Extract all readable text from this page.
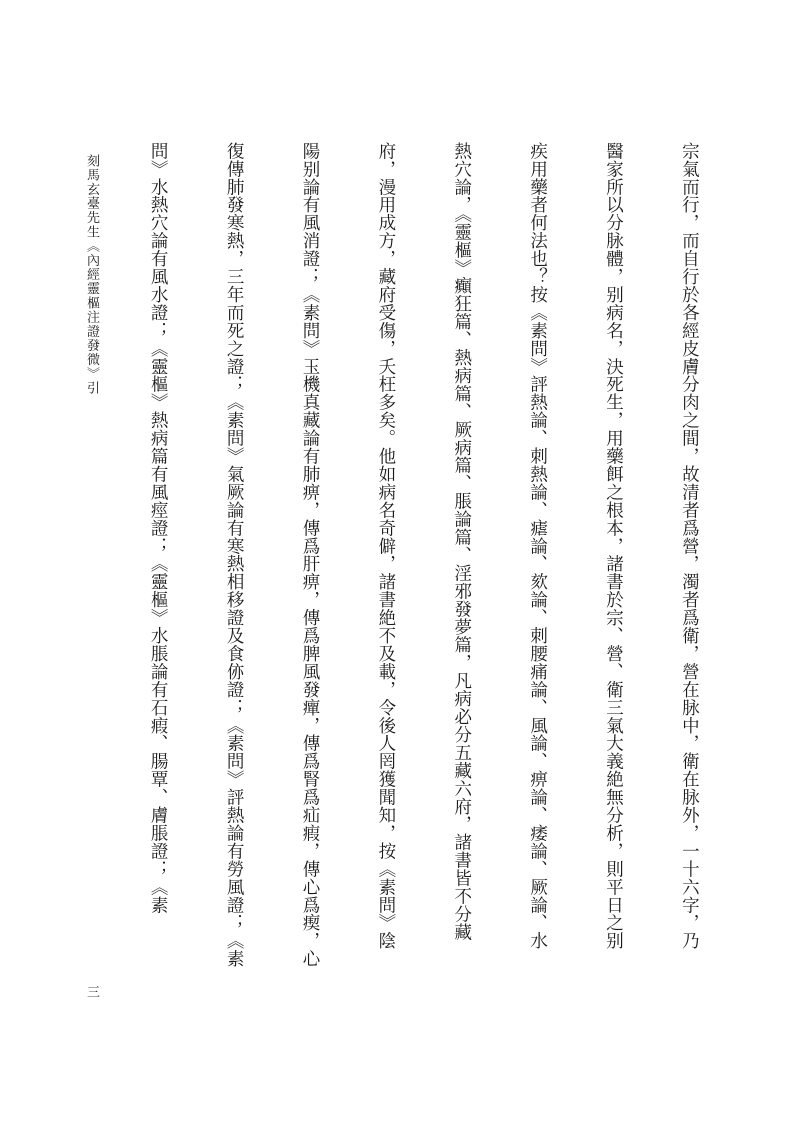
宗氣而行，而自行於各經皮膚分肉之間，故清者爲營，濁者爲衛，營在脉中，衛在脉外，一十六字，乃

醫家所以分脉體，别病名，決死生，用藥餌之根本，諸書於宗、營、衛三氣大義絶無分析，則平日之别

疾用藥者何法也？按《素問》評熱論、刺熱論、瘧論、欬論、刺腰痛論、風論、痹論、痿論、厥論、水

熱穴論，《靈樞》癲狂篇、熱病篇、厥病篇、脹論篇、淫邪發夢篇，凡病必分五藏六府，諸書皆不分藏

府，漫用成方，藏府受傷，夭枉多矣。他如病名奇僻，諸書絶不及載，令後人罔獲聞知，按《素問》陰

陽别論有風消證；《素問》玉機真藏論有肺痹，傳爲肝痹，傳爲脾風發癉，傳爲腎爲疝瘕，傳心爲瘈，心

復傳肺發寒熱，三年而死之證；《素問》氣厥論有寒熱相移證及食㑊證；《素問》評熱論有勞風證；《素

問》水熱穴論有風水證；《靈樞》熱病篇有風痙證；《靈樞》水脹論有石瘕、腸覃、膚脹證；《素

刻馬玄臺先生《內經靈樞注證發微》引
三
